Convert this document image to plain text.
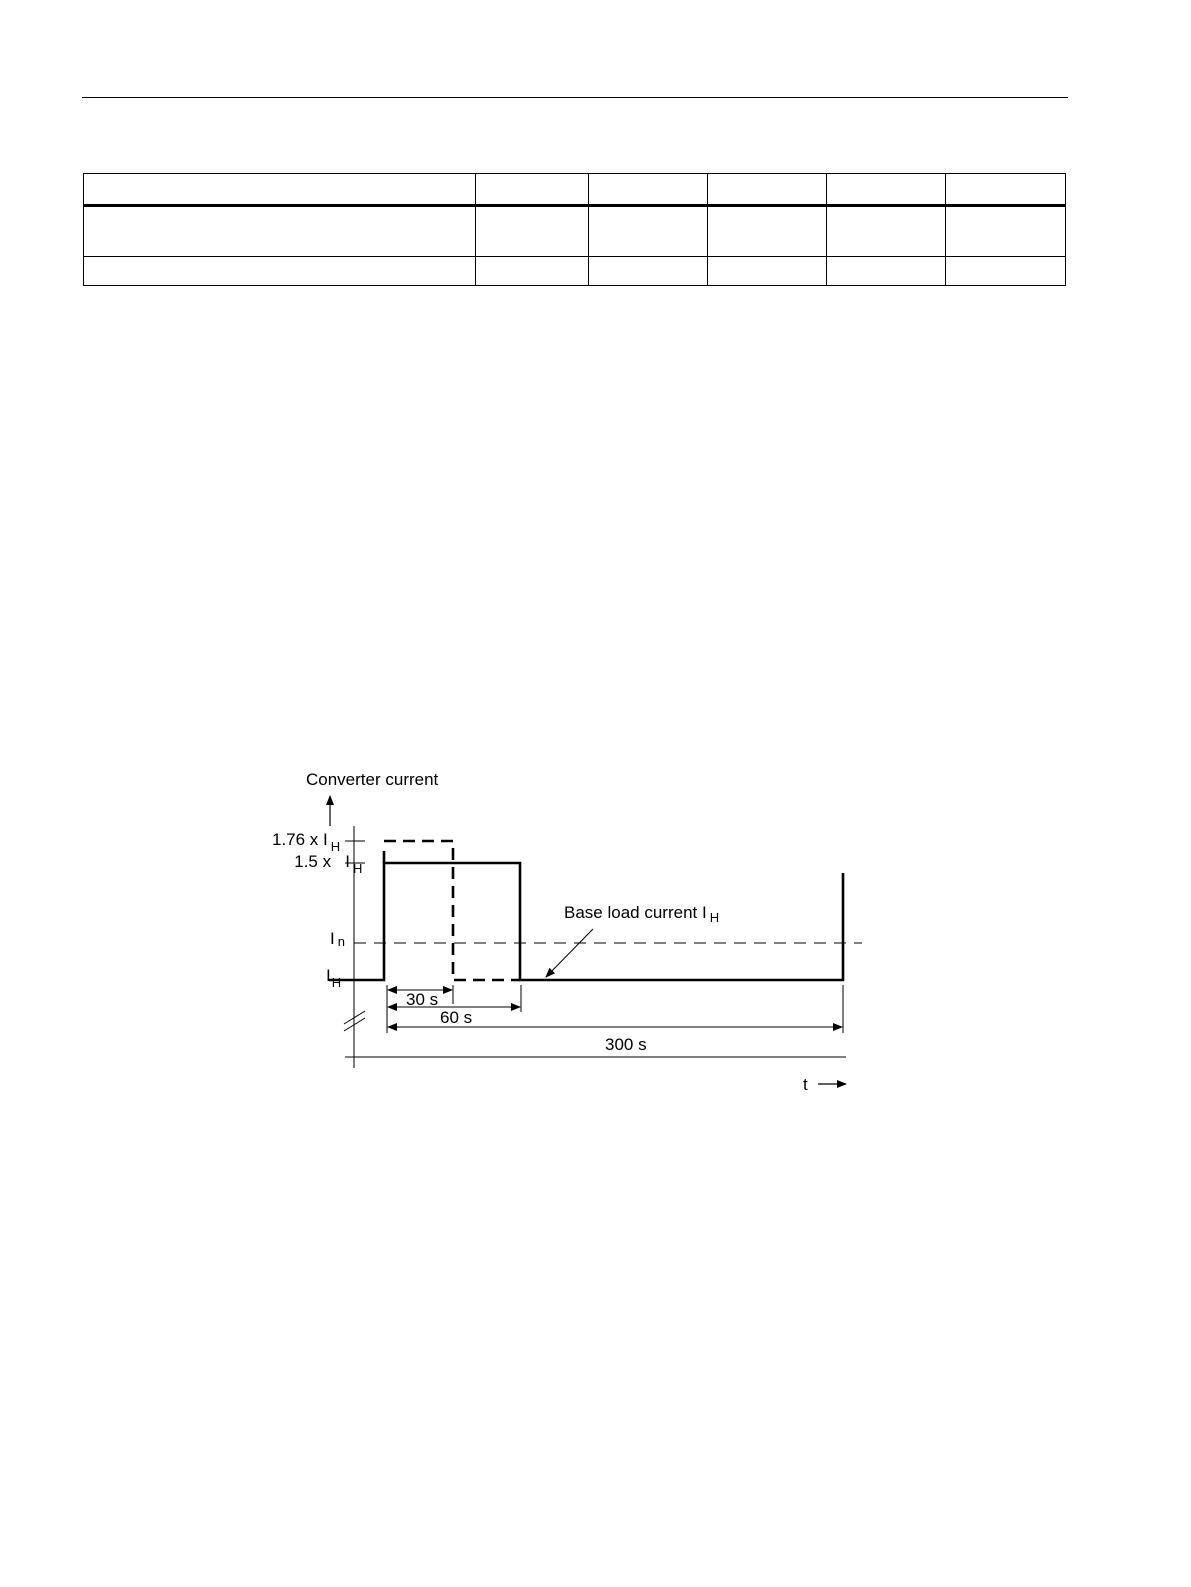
Converter current
t
1.76 x I $_H$
1.5 x   I $_H$
I n
$I_H$
Base load current I $_H$
30 s
60 s
300 s
